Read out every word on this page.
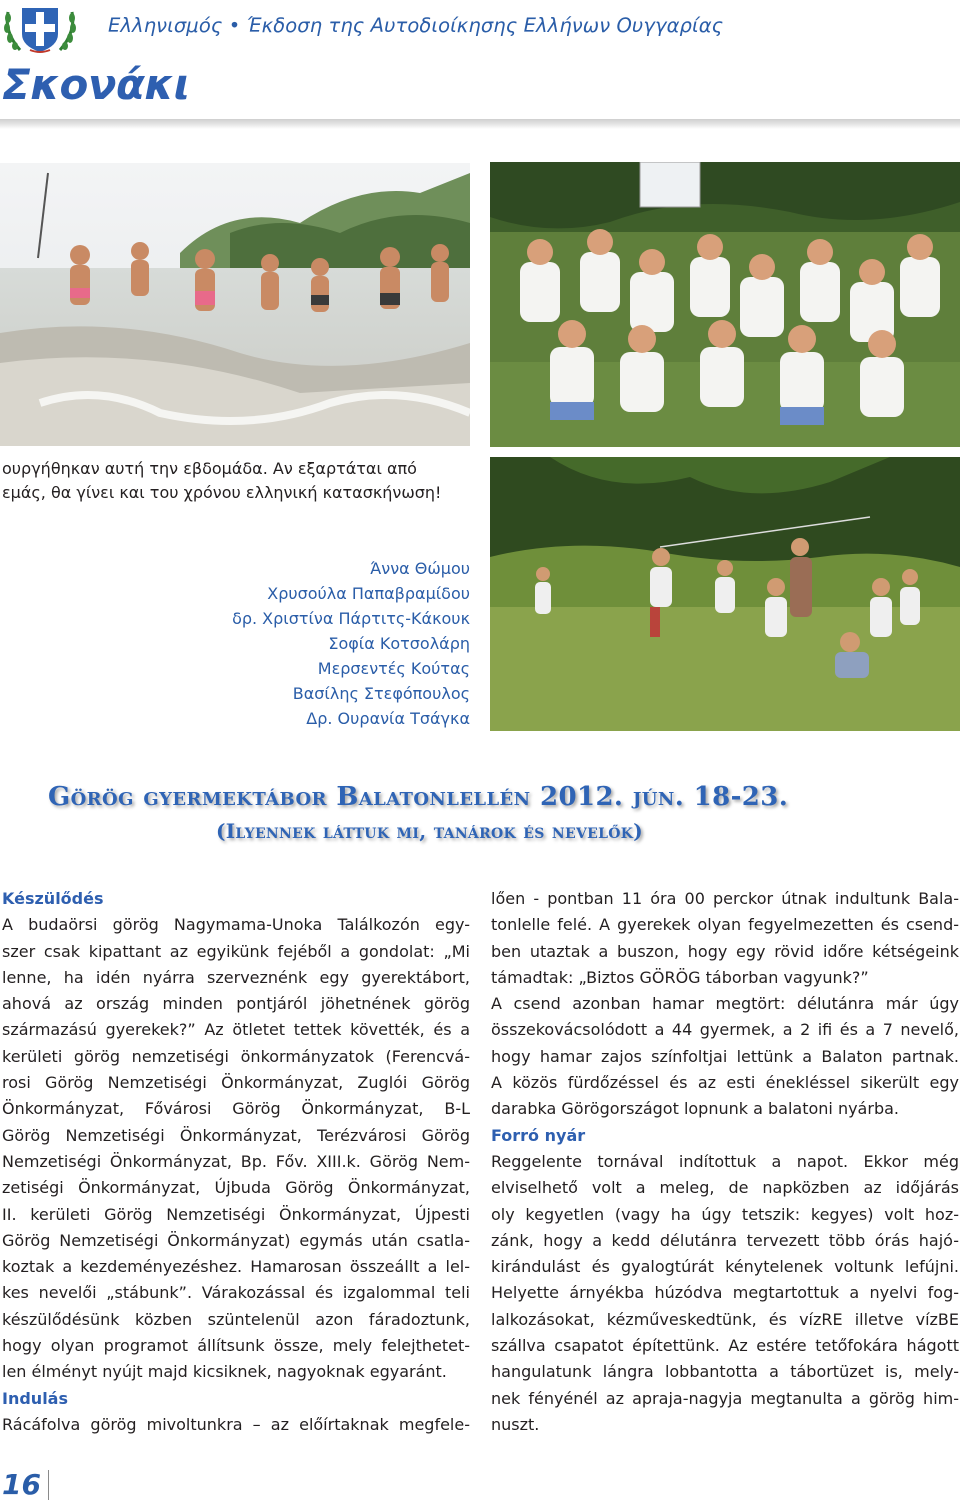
Ελληνισμός • Έκδοση της Αυτοδιοίκησης Ελλήνων Ουγγαρίας
Σκονάκι
ουργήθηκαν αυτή την εβδομάδα. Αν εξαρτάται από
εμάς, θα γίνει και του χρόνου ελληνική κατασκήνωση!
Άννα Θώμου
Χρυσούλα Παπαβραμίδου
δρ. Χριστίνα Πάρτιτς-Κάκουκ
Σοφία Κοτσολάρη
Μερσεντές Κούτας
Βασίλης Στεφόπουλος
Δρ. Ουρανία Τσάγκα
Görög gyermektábor Balatonlellén 2012. jún. 18-23.
(Ilyennek láttuk mi, tanárok és nevelők)
Készülődés
A budaörsi görög Nagymama-Unoka Találkozón egy-
szer csak kipattant az egyikünk fejéből a gondolat: „Mi
lenne, ha idén nyárra szerveznénk egy gyerektábort,
ahová az ország minden pontjáról jöhetnének görög
származású gyerekek?” Az ötletet tettek követték, és a
kerületi görög nemzetiségi önkormányzatok (Ferencvá-
rosi Görög Nemzetiségi Önkormányzat, Zuglói Görög
Önkormányzat, Fővárosi Görög Önkormányzat, B-L
Görög Nemzetiségi Önkormányzat, Terézvárosi Görög
Nemzetiségi Önkormányzat, Bp. Főv. XIII.k. Görög Nem-
zetiségi Önkormányzat, Újbuda Görög Önkormányzat,
II. kerületi Görög Nemzetiségi Önkormányzat, Újpesti
Görög Nemzetiségi Önkormányzat) egymás után csatla-
koztak a kezdeményezéshez. Hamarosan összeállt a lel-
kes nevelői „stábunk”. Várakozással és izgalommal teli
készülődésünk közben szüntelenül azon fáradoztunk,
hogy olyan programot állítsunk össze, mely felejthetet-
len élményt nyújt majd kicsiknek, nagyoknak egyaránt.
Indulás
Rácáfolva görög mivoltunkra – az előírtaknak megfele-
lően - pontban 11 óra 00 perckor útnak indultunk Bala-
tonlelle felé. A gyerekek olyan fegyelmezetten és csend-
ben utaztak a buszon, hogy egy rövid időre kétségeink
támadtak: „Biztos GÖRÖG táborban vagyunk?”
A csend azonban hamar megtört: délutánra már úgy
összekovácsolódott a 44 gyermek, a 2 ifi és a 7 nevelő,
hogy hamar zajos színfoltjai lettünk a Balaton partnak.
A közös fürdőzéssel és az esti énekléssel sikerült egy
darabka Görögországot lopnunk a balatoni nyárba.
Forró nyár
Reggelente tornával indítottuk a napot. Ekkor még
elviselhető volt a meleg, de napközben az időjárás
oly kegyetlen (vagy ha úgy tetszik: kegyes) volt hoz-
zánk, hogy a kedd délutánra tervezett több órás hajó-
kirándulást és gyalogtúrát kénytelenek voltunk lefújni.
Helyette árnyékba húzódva megtartottuk a nyelvi fog-
lalkozásokat, kézműveskedtünk, és vízRE illetve vízBE
szállva csapatot építettünk. Az estére tetőfokára hágott
hangulatunk lángra lobbantotta a tábortüzet is, mely-
nek fényénél az apraja-nagyja megtanulta a görög him-
nuszt.
16
